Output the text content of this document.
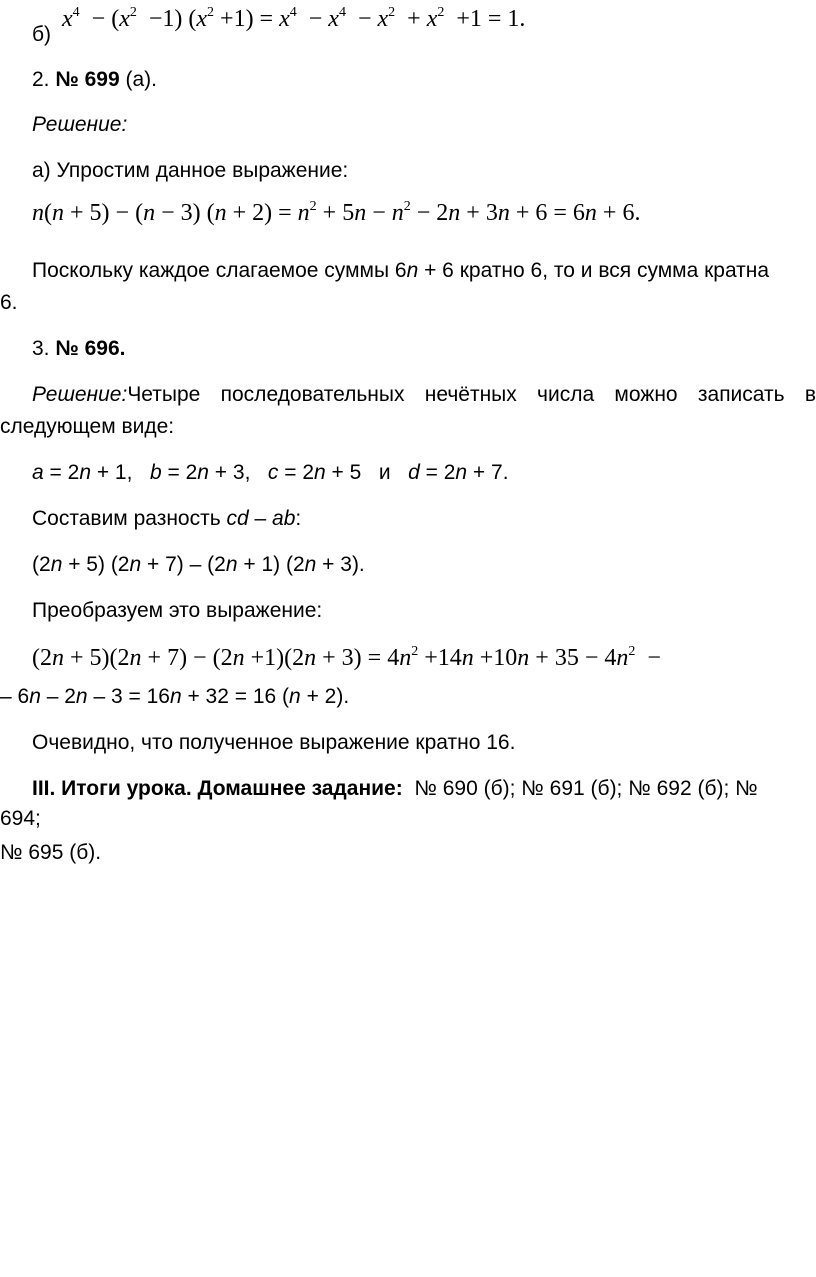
б)
$x^4 - (x^2 -1)$ $(x^2 +1) = x^4 - x^4 - x^2 + x^2 +1 = 1$.
2. № 699 (а).
Решение:
а) Упростим данное выражение:
n(n + 5) − (n − 3) $(n + 2) = n^2 + 5n - n^2 - 2n + 3n + 6 = 6n + 6$.
Поскольку каждое слагаемое суммы 6n + 6 кратно 6, то и вся сумма кратна
6.
3. № 696.
Решение:Четыре последовательных нечётных числа можно записать в
следующем виде:
a = 2n + 1,   b = 2n + 3,   c = 2n + 5   и   d = 2n + 7.
Составим разность cd – ab:
(2n + 5) (2n + 7) – (2n + 1) (2n + 3).
Преобразуем это выражение:
$(2n + 5)(2n + 7) - (2n +1)(2n + 3) = 4n^2 +14n +10n + 35 - 4n^2$  −
– 6n – 2n – 3 = 16n + 32 = 16 (n + 2).
Очевидно, что полученное выражение кратно 16.
III. Итоги урока. Домашнее задание: № 690 (б); № 691 (б); № 692 (б); №
694;
№ 695 (б).
